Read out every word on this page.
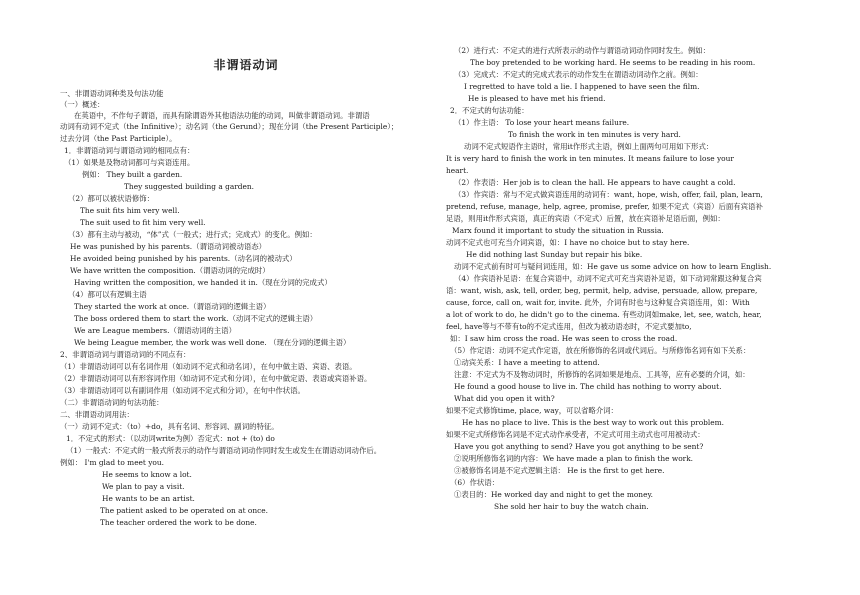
非谓语动词
一、非谓语动词种类及句法功能
（一）概述：
在英语中，不作句子谓语，而具有除谓语外其他语法功能的动词，叫做非谓语动词。非谓语
动词有动词不定式（the Infinitive）；动名词（the Gerund）；现在分词（the Present Participle）；
过去分词（the Past Participle）。
1．非谓语动词与谓语动词的相同点有：
（1）如果是及物动词都可与宾语连用。
例如： They built a garden.
They suggested building a garden.
（2）都可以被状语修饰：
The suit fits him very well.
The suit used to fit him very well.
（3）都有主动与被动，“体”式（一般式；进行式；完成式）的变化。例如：
He was punished by his parents.（谓语动词被动语态）
He avoided being punished by his parents.（动名词的被动式）
We have written the composition.（谓语动词的完成时）
Having written the composition, we handed it in.（现在分词的完成式）
（4）都可以有逻辑主语
They started the work at once.（谓语动词的逻辑主语）
The boss ordered them to start the work.（动词不定式的逻辑主语）
We are League members.（谓语动词的主语）
We being League member, the work was well done. （现在分词的逻辑主语）
2、非谓语动词与谓语动词的不同点有：
（1）非谓语动词可以有名词作用（如动词不定式和动名词），在句中做主语、宾语、表语。
（2）非谓语动词可以有形容词作用（如动词不定式和分词），在句中做定语、表语或宾语补语。
（3）非谓语动词可以有副词作用（如动词不定式和分词），在句中作状语。
（二）非谓语动词的句法功能：
二、非谓语动词用法：
（一）动词不定式：（to）+do，具有名词、形容词、副词的特征。
1．不定式的形式：（以动词write为例）否定式：not + (to) do
（1）一般式：不定式的一般式所表示的动作与谓语动词动作同时发生或发生在谓语动词动作后。
例如： I'm glad to meet you.
He seems to know a lot.
We plan to pay a visit.
He wants to be an artist.
The patient asked to be operated on at once.
The teacher ordered the work to be done.
（2）进行式：不定式的进行式所表示的动作与谓语动词动作同时发生。例如：
The boy pretended to be working hard. He seems to be reading in his room.
（3）完成式：不定式的完成式表示的动作发生在谓语动词动作之前。例如：
I regretted to have told a lie. I happened to have seen the film.
He is pleased to have met his friend.
2．不定式的句法功能：
（1）作主语： To lose your heart means failure.
To finish the work in ten minutes is very hard.
动词不定式短语作主语时，常用it作形式主语，例如上面两句可用如下形式：
It is very hard to finish the work in ten minutes. It means failure to lose your
heart.
（2）作表语：Her job is to clean the hall. He appears to have caught a cold.
（3）作宾语：常与不定式做宾语连用的动词有：want, hope, wish, offer, fail, plan, learn,
pretend, refuse, manage, help, agree, promise, prefer, 如果不定式（宾语）后面有宾语补
足语，则用it作形式宾语，真正的宾语（不定式）后置，放在宾语补足语后面，例如：
Marx found it important to study the situation in Russia.
动词不定式也可充当介词宾语，如：I have no choice but to stay here.
He did nothing last Sunday but repair his bike.
动词不定式前有时可与疑问词连用，如：He gave us some advice on how to learn English.
（4）作宾语补足语：在复合宾语中，动词不定式可充当宾语补足语，如下动词常跟这种复合宾
语：want, wish, ask, tell, order, beg, permit, help, advise, persuade, allow, prepare,
cause, force, call on, wait for, invite. 此外，介词有时也与这种复合宾语连用，如：With
a lot of work to do, he didn't go to the cinema. 有些动词如make, let, see, watch, hear,
feel, have等与不带有to的不定式连用，但改为被动语态时，不定式要加to,
如：I saw him cross the road. He was seen to cross the road.
（5）作定语：动词不定式作定语，放在所修饰的名词或代词后。与所修饰名词有如下关系：
①动宾关系：I have a meeting to attend.
注意：不定式为不及物动词时，所修饰的名词如果是地点、工具等，应有必要的介词，如：
He found a good house to live in. The child has nothing to worry about.
What did you open it with?
如果不定式修饰time, place, way，可以省略介词：
He has no place to live. This is the best way to work out this problem.
如果不定式所修饰名词是不定式动作承受者，不定式可用主动式也可用被动式：
Have you got anything to send? Have you got anything to be sent?
②说明所修饰名词的内容：We have made a plan to finish the work.
③被修饰名词是不定式逻辑主语： He is the first to get here.
（6）作状语：
①表目的：He worked day and night to get the money.
She sold her hair to buy the watch chain.
